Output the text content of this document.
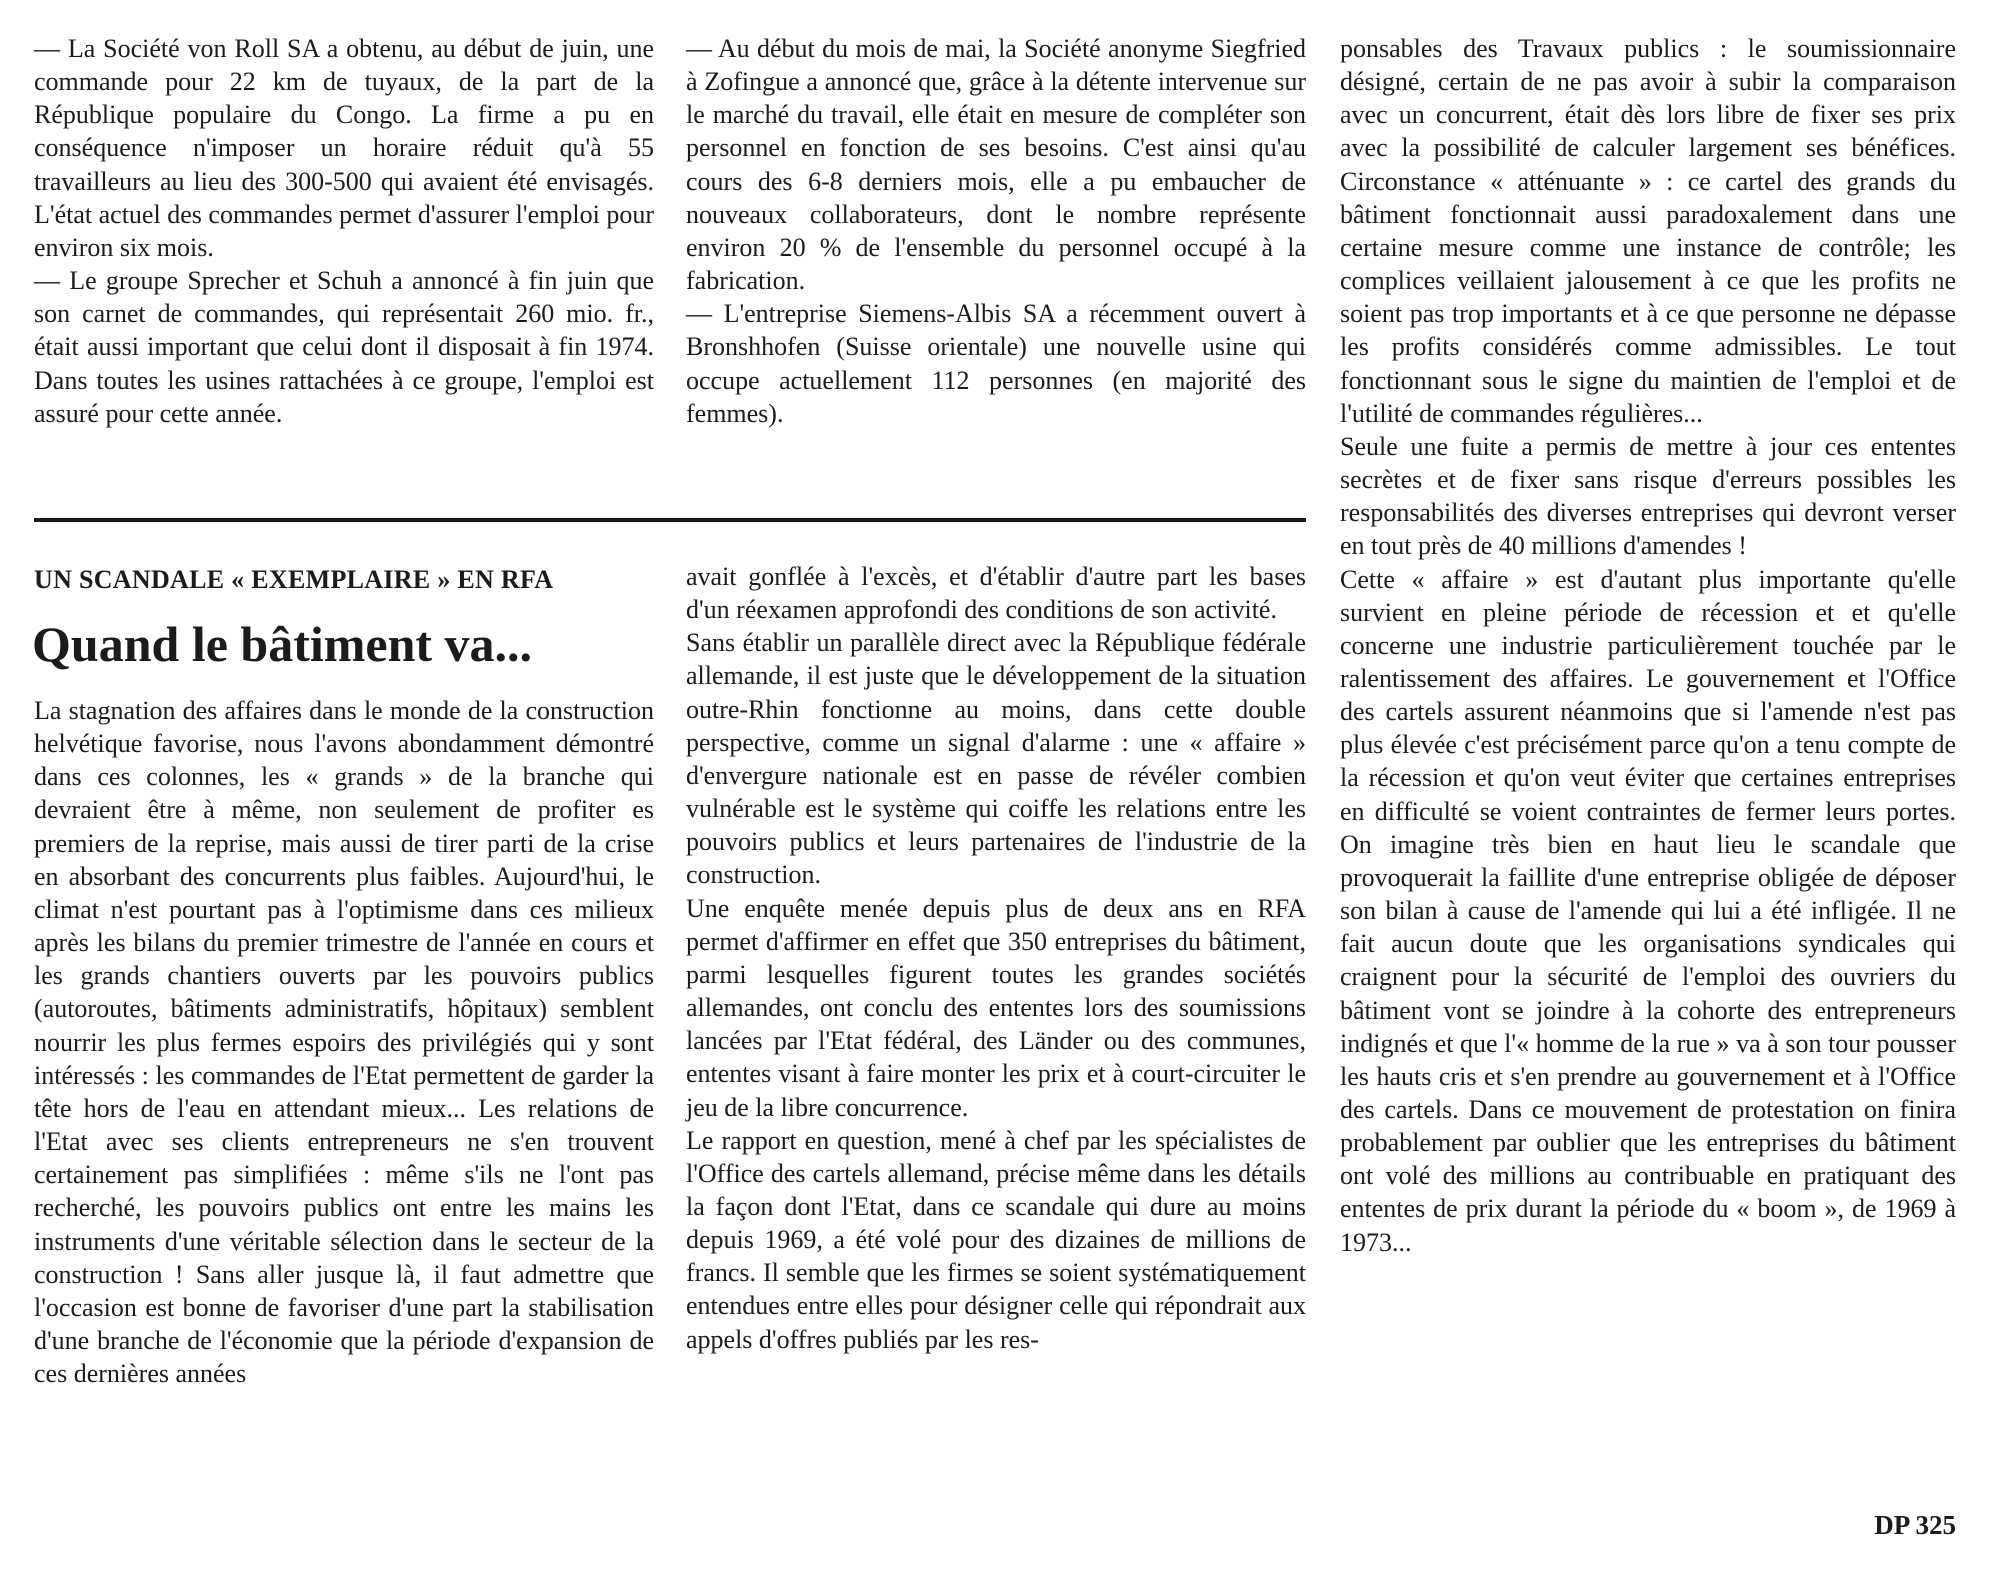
— La Société von Roll SA a obtenu, au début de juin, une commande pour 22 km de tuyaux, de la part de la République populaire du Congo. La firme a pu en conséquence n'imposer un horaire réduit qu'à 55 travailleurs au lieu des 300-500 qui avaient été envisagés. L'état actuel des commandes permet d'assurer l'emploi pour environ six mois.

— Le groupe Sprecher et Schuh a annoncé à fin juin que son carnet de commandes, qui représentait 260 mio. fr., était aussi important que celui dont il disposait à fin 1974. Dans toutes les usines rattachées à ce groupe, l'emploi est assuré pour cette année.

— Au début du mois de mai, la Société anonyme Siegfried à Zofingue a annoncé que, grâce à la détente intervenue sur le marché du travail, elle était en mesure de compléter son personnel en fonction de ses besoins. C'est ainsi qu'au cours des 6-8 derniers mois, elle a pu embaucher de nouveaux collaborateurs, dont le nombre représente environ 20 % de l'ensemble du personnel occupé à la fabrication.

— L'entreprise Siemens-Albis SA a récemment ouvert à Bronshhofen (Suisse orientale) une nouvelle usine qui occupe actuellement 112 personnes (en majorité des femmes).

UN SCANDALE « EXEMPLAIRE » EN RFA
Quand le bâtiment va...

La stagnation des affaires dans le monde de la construction helvétique favorise, nous l'avons abondamment démontré dans ces colonnes, les « grands » de la branche qui devraient être à même, non seulement de profiter es premiers de la reprise, mais aussi de tirer parti de la crise en absorbant des concurrents plus faibles. Aujourd'hui, le climat n'est pourtant pas à l'optimisme dans ces milieux après les bilans du premier trimestre de l'année en cours et les grands chantiers ouverts par les pouvoirs publics (autoroutes, bâtiments administratifs, hôpitaux) semblent nourrir les plus fermes espoirs des privilégiés qui y sont intéressés : les commandes de l'Etat permettent de garder la tête hors de l'eau en attendant mieux... Les relations de l'Etat avec ses clients entrepreneurs ne s'en trouvent certainement pas simplifiées : même s'ils ne l'ont pas recherché, les pouvoirs publics ont entre les mains les instruments d'une véritable sélection dans le secteur de la construction ! Sans aller jusque là, il faut admettre que l'occasion est bonne de favoriser d'une part la stabilisation d'une branche de l'économie que la période d'expansion de ces dernières années

avait gonflée à l'excès, et d'établir d'autre part les bases d'un réexamen approfondi des conditions de son activité.

Sans établir un parallèle direct avec la République fédérale allemande, il est juste que le développement de la situation outre-Rhin fonctionne au moins, dans cette double perspective, comme un signal d'alarme : une « affaire » d'envergure nationale est en passe de révéler combien vulnérable est le système qui coiffe les relations entre les pouvoirs publics et leurs partenaires de l'industrie de la construction.

Une enquête menée depuis plus de deux ans en RFA permet d'affirmer en effet que 350 entreprises du bâtiment, parmi lesquelles figurent toutes les grandes sociétés allemandes, ont conclu des ententes lors des soumissions lancées par l'Etat fédéral, des Länder ou des communes, ententes visant à faire monter les prix et à court-circuiter le jeu de la libre concurrence.

Le rapport en question, mené à chef par les spécialistes de l'Office des cartels allemand, précise même dans les détails la façon dont l'Etat, dans ce scandale qui dure au moins depuis 1969, a été volé pour des dizaines de millions de francs. Il semble que les firmes se soient systématiquement entendues entre elles pour désigner celle qui répondrait aux appels d'offres publiés par les res-

ponsables des Travaux publics : le soumissionnaire désigné, certain de ne pas avoir à subir la comparaison avec un concurrent, était dès lors libre de fixer ses prix avec la possibilité de calculer largement ses bénéfices. Circonstance « atténuante » : ce cartel des grands du bâtiment fonctionnait aussi paradoxalement dans une certaine mesure comme une instance de contrôle; les complices veillaient jalousement à ce que les profits ne soient pas trop importants et à ce que personne ne dépasse les profits considérés comme admissibles. Le tout fonctionnant sous le signe du maintien de l'emploi et de l'utilité de commandes régulières...

Seule une fuite a permis de mettre à jour ces ententes secrètes et de fixer sans risque d'erreurs possibles les responsabilités des diverses entreprises qui devront verser en tout près de 40 millions d'amendes !

Cette « affaire » est d'autant plus importante qu'elle survient en pleine période de récession et et qu'elle concerne une industrie particulièrement touchée par le ralentissement des affaires. Le gouvernement et l'Office des cartels assurent néanmoins que si l'amende n'est pas plus élevée c'est précisément parce qu'on a tenu compte de la récession et qu'on veut éviter que certaines entreprises en difficulté se voient contraintes de fermer leurs portes. On imagine très bien en haut lieu le scandale que provoquerait la faillite d'une entreprise obligée de déposer son bilan à cause de l'amende qui lui a été infligée. Il ne fait aucun doute que les organisations syndicales qui craignent pour la sécurité de l'emploi des ouvriers du bâtiment vont se joindre à la cohorte des entrepreneurs indignés et que l'« homme de la rue » va à son tour pousser les hauts cris et s'en prendre au gouvernement et à l'Office des cartels. Dans ce mouvement de protestation on finira probablement par oublier que les entreprises du bâtiment ont volé des millions au contribuable en pratiquant des ententes de prix durant la période du « boom », de 1969 à 1973...

DP 325
